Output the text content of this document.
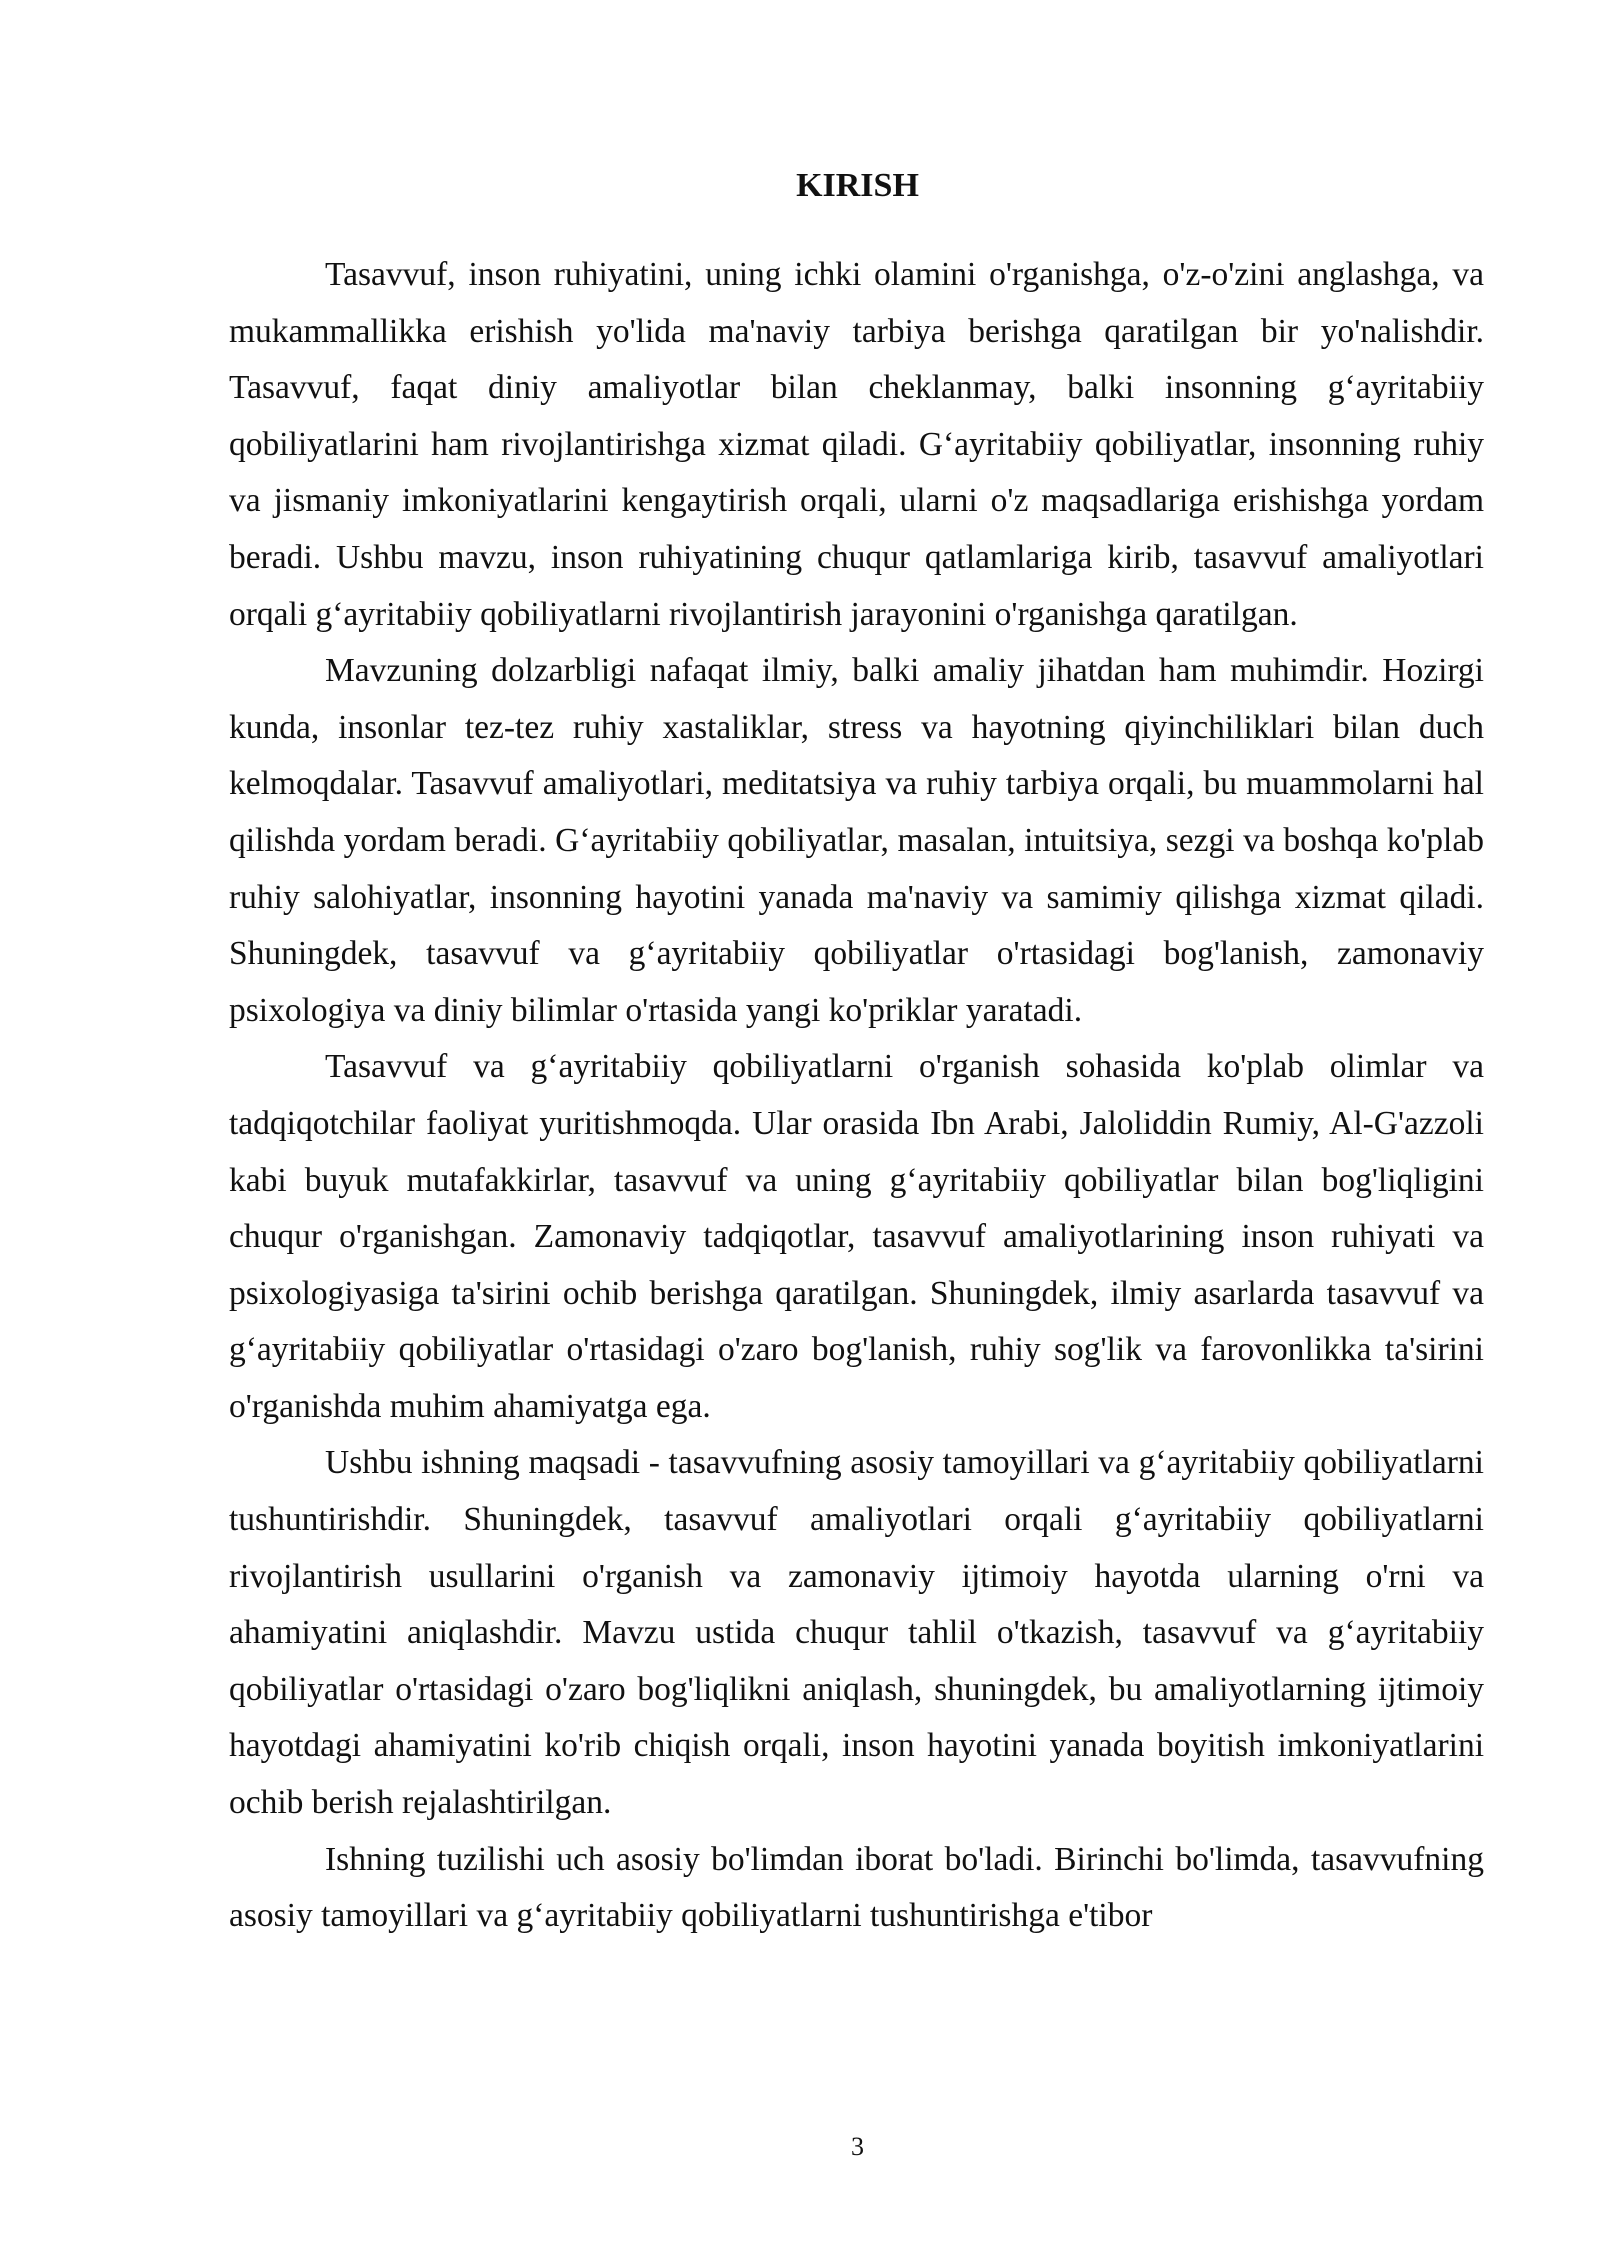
KIRISH

Tasavvuf, inson ruhiyatini, uning ichki olamini o'rganishga, o'z-o'zini anglashga, va mukammallikka erishish yo'lida ma'naviy tarbiya berishga qaratilgan bir yo'nalishdir. Tasavvuf, faqat diniy amaliyotlar bilan cheklanmay, balki insonning g‘ayritabiiy qobiliyatlarini ham rivojlantirishga xizmat qiladi. G‘ayritabiiy qobiliyatlar, insonning ruhiy va jismaniy imkoniyatlarini kengaytirish orqali, ularni o'z maqsadlariga erishishga yordam beradi. Ushbu mavzu, inson ruhiyatining chuqur qatlamlariga kirib, tasavvuf amaliyotlari orqali g‘ayritabiiy qobiliyatlarni rivojlantirish jarayonini o'rganishga qaratilgan.

Mavzuning dolzarbligi nafaqat ilmiy, balki amaliy jihatdan ham muhimdir. Hozirgi kunda, insonlar tez-tez ruhiy xastaliklar, stress va hayotning qiyinchiliklari bilan duch kelmoqdalar. Tasavvuf amaliyotlari, meditatsiya va ruhiy tarbiya orqali, bu muammolarni hal qilishda yordam beradi. G‘ayritabiiy qobiliyatlar, masalan, intuitsiya, sezgi va boshqa ko'plab ruhiy salohiyatlar, insonning hayotini yanada ma'naviy va samimiy qilishga xizmat qiladi. Shuningdek, tasavvuf va g‘ayritabiiy qobiliyatlar o'rtasidagi bog'lanish, zamonaviy psixologiya va diniy bilimlar o'rtasida yangi ko'priklar yaratadi.

Tasavvuf va g‘ayritabiiy qobiliyatlarni o'rganish sohasida ko'plab olimlar va tadqiqotchilar faoliyat yuritishmoqda. Ular orasida Ibn Arabi, Jaloliddin Rumiy, Al-G'azzoli kabi buyuk mutafakkirlar, tasavvuf va uning g‘ayritabiiy qobiliyatlar bilan bog'liqligini chuqur o'rganishgan. Zamonaviy tadqiqotlar, tasavvuf amaliyotlarining inson ruhiyati va psixologiyasiga ta'sirini ochib berishga qaratilgan. Shuningdek, ilmiy asarlarda tasavvuf va g‘ayritabiiy qobiliyatlar o'rtasidagi o'zaro bog'lanish, ruhiy sog'lik va farovonlikka ta'sirini o'rganishda muhim ahamiyatga ega.

Ushbu ishning maqsadi - tasavvufning asosiy tamoyillari va g‘ayritabiiy qobiliyatlarni tushuntirishdir. Shuningdek, tasavvuf amaliyotlari orqali g‘ayritabiiy qobiliyatlarni rivojlantirish usullarini o'rganish va zamonaviy ijtimoiy hayotda ularning o'rni va ahamiyatini aniqlashdir. Mavzu ustida chuqur tahlil o'tkazish, tasavvuf va g‘ayritabiiy qobiliyatlar o'rtasidagi o'zaro bog'liqlikni aniqlash, shuningdek, bu amaliyotlarning ijtimoiy hayotdagi ahamiyatini ko'rib chiqish orqali, inson hayotini yanada boyitish imkoniyatlarini ochib berish rejalashtirilgan.

Ishning tuzilishi uch asosiy bo'limdan iborat bo'ladi. Birinchi bo'limda, tasavvufning asosiy tamoyillari va g‘ayritabiiy qobiliyatlarni tushuntirishga e'tibor

3
